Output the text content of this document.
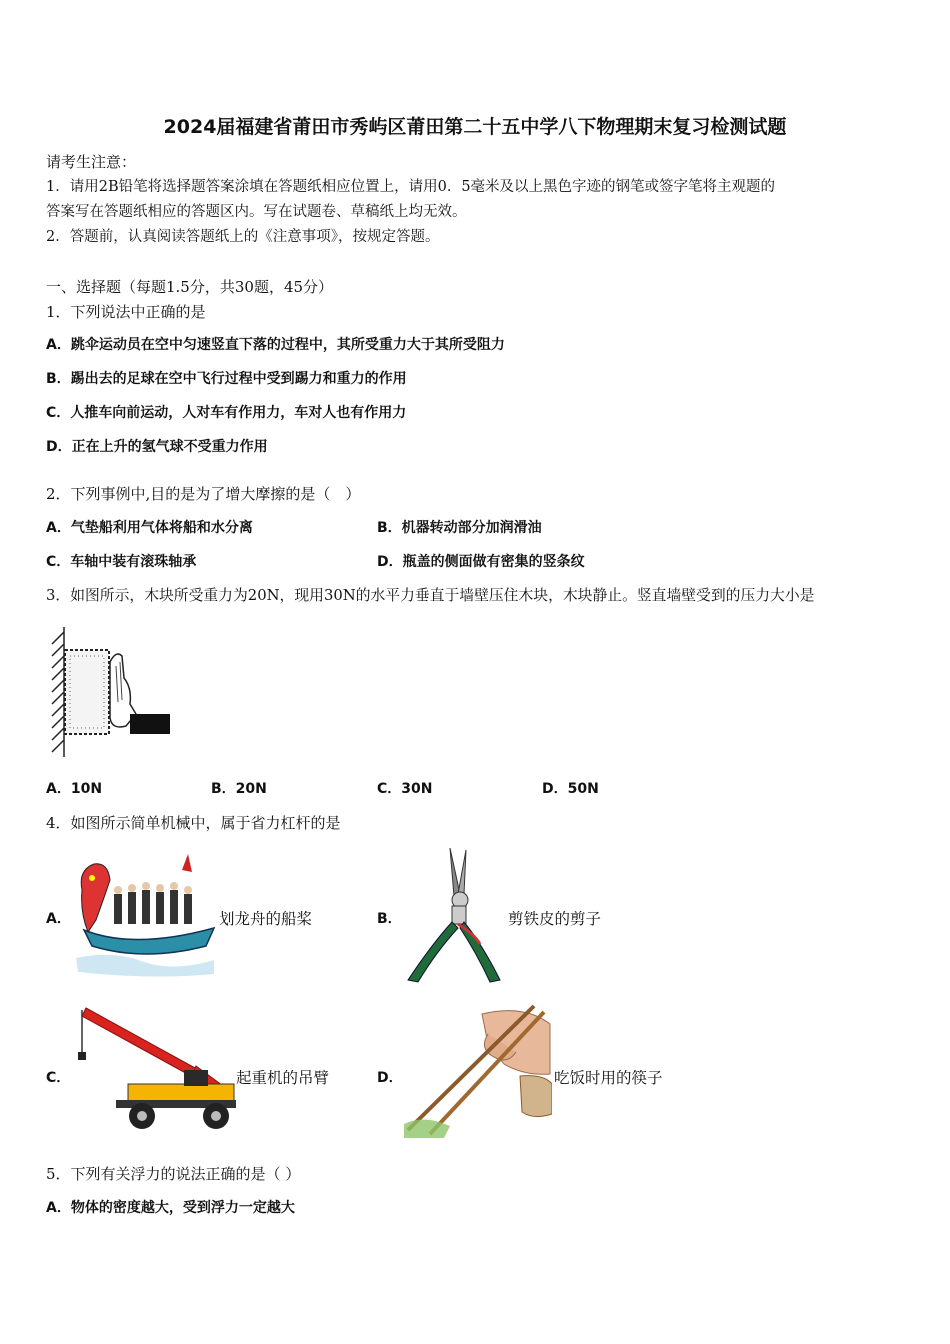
2024届福建省莆田市秀屿区莆田第二十五中学八下物理期末复习检测试题
请考生注意：
1．请用2B铅笔将选择题答案涂填在答题纸相应位置上，请用0．5毫米及以上黑色字迹的钢笔或签字笔将主观题的
答案写在答题纸相应的答题区内。写在试题卷、草稿纸上均无效。
2．答题前，认真阅读答题纸上的《注意事项》，按规定答题。
一、选择题（每题1.5分，共30题，45分）
1．下列说法中正确的是
A．跳伞运动员在空中匀速竖直下落的过程中，其所受重力大于其所受阻力
B．踢出去的足球在空中飞行过程中受到踢力和重力的作用
C．人推车向前运动，人对车有作用力，车对人也有作用力
D．正在上升的氢气球不受重力作用
2．下列事例中,目的是为了增大摩擦的是（　）
A．气垫船利用气体将船和水分离	B．机器转动部分加润滑油
C．车轴中装有滚珠轴承	D．瓶盖的侧面做有密集的竖条纹
3．如图所示，木块所受重力为20N，现用30N的水平力垂直于墙壁压住木块，木块静止。竖直墙壁受到的压力大小是
A．10N	B．20N	C．30N	D．50N
4．如图所示简单机械中，属于省力杠杆的是
A．	划龙舟的船桨	B．	剪铁皮的剪子
C．	起重机的吊臂	D．	吃饭时用的筷子
5．下列有关浮力的说法正确的是（ ）
A．物体的密度越大，受到浮力一定越大
